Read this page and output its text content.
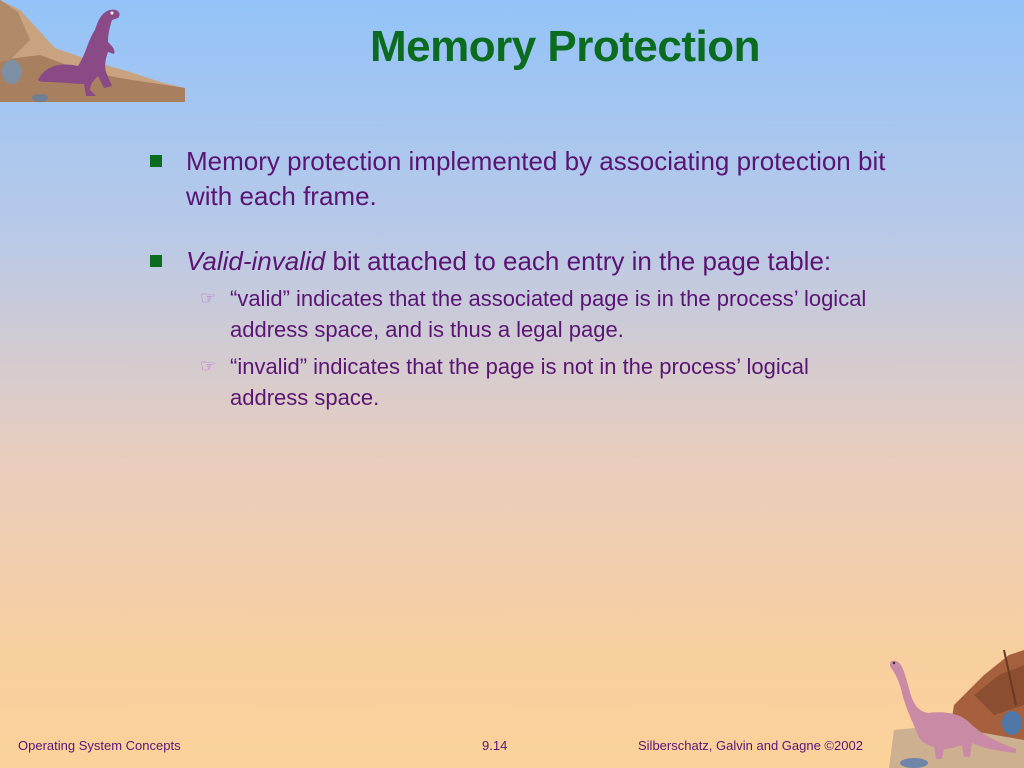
Memory Protection
Memory protection implemented by associating protection bit with each frame.
Valid-invalid bit attached to each entry in the page table:
☞ “valid” indicates that the associated page is in the process’ logical address space, and is thus a legal page.
☞ “invalid” indicates that the page is not in the process’ logical address space.
Operating System Concepts	9.14	Silberschatz, Galvin and Gagne ©2002
